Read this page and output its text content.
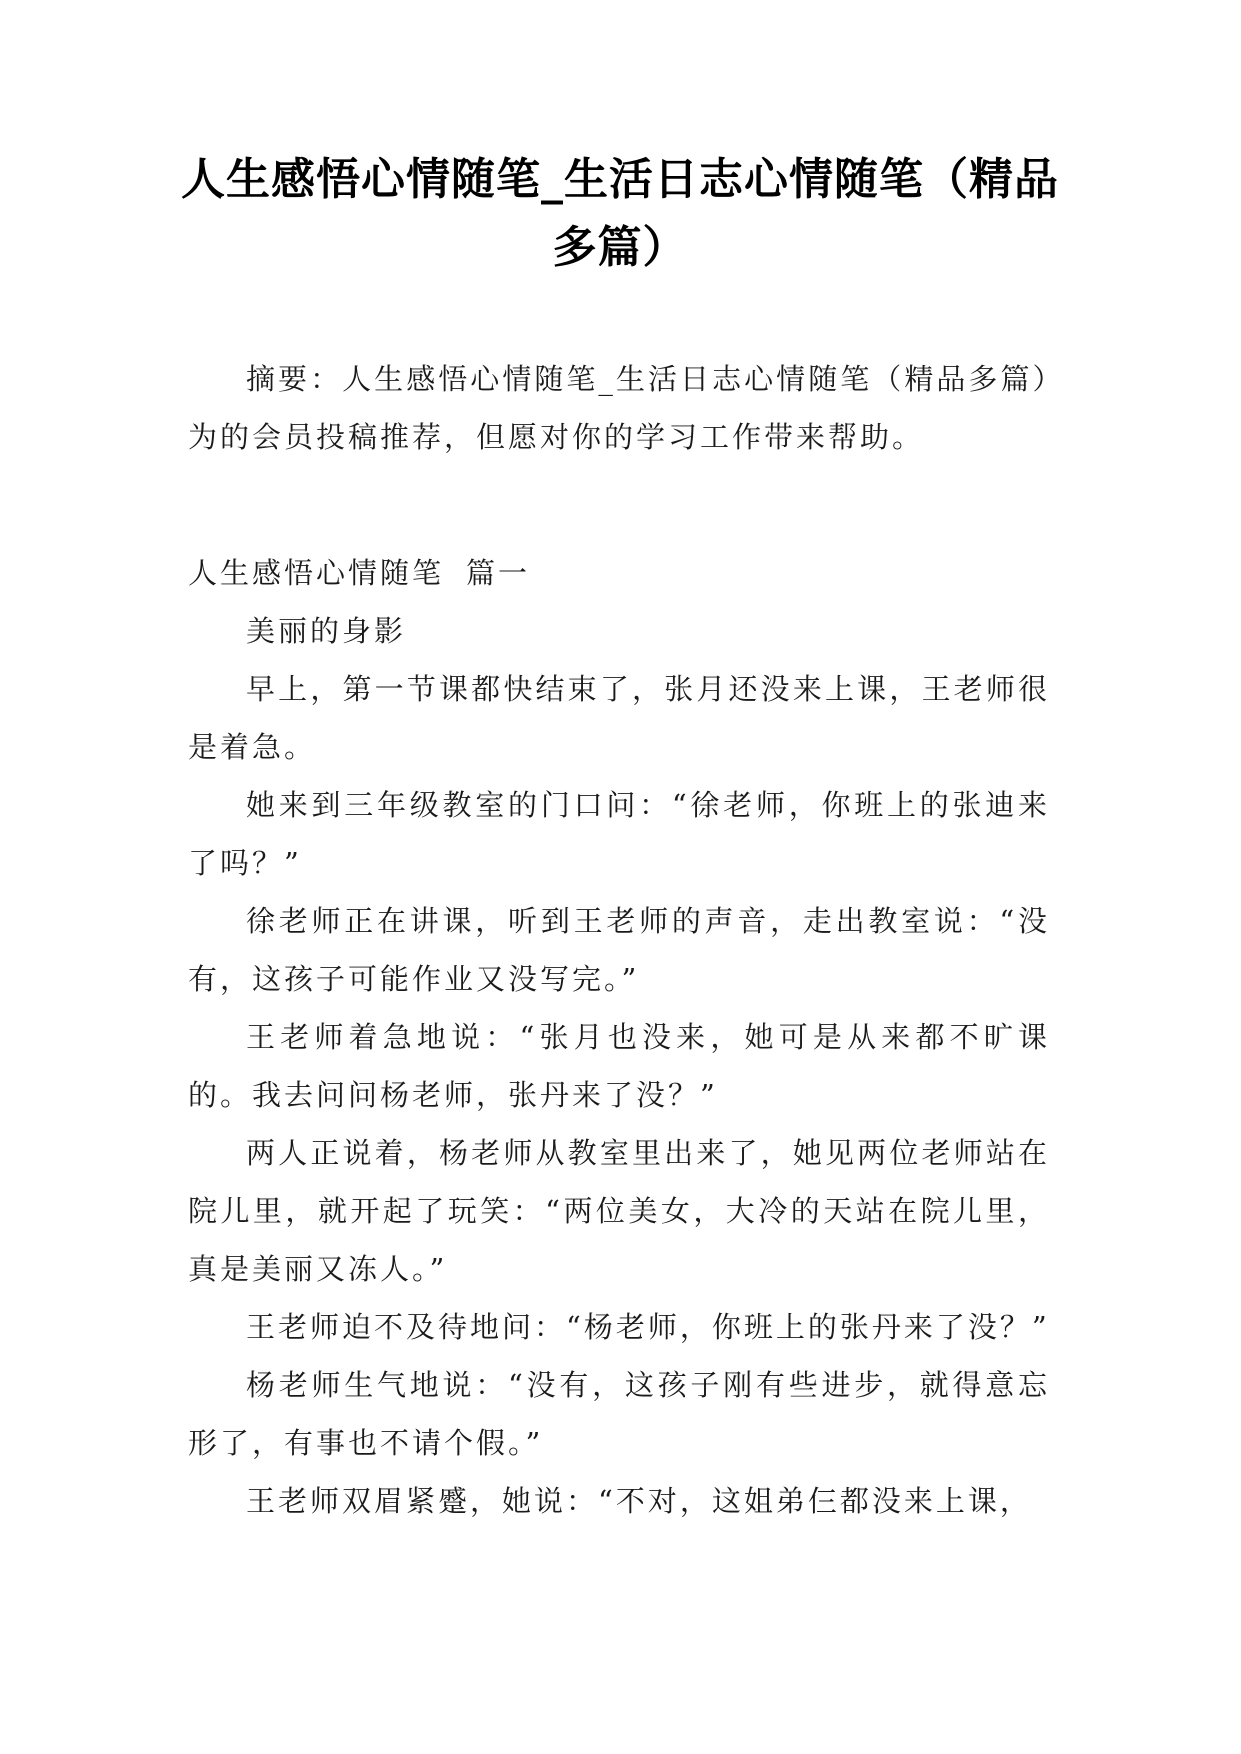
人生感悟心情随笔_生活日志心情随笔（精品多篇）

摘要：人生感悟心情随笔_生活日志心情随笔（精品多篇）为的会员投稿推荐，但愿对你的学习工作带来帮助。

人生感悟心情随笔 篇一

美丽的身影

早上，第一节课都快结束了，张月还没来上课，王老师很是着急。

她来到三年级教室的门口问：“徐老师，你班上的张迪来了吗？”

徐老师正在讲课，听到王老师的声音，走出教室说：“没有，这孩子可能作业又没写完。”

王老师着急地说：“张月也没来，她可是从来都不旷课的。我去问问杨老师，张丹来了没？”

两人正说着，杨老师从教室里出来了，她见两位老师站在院儿里，就开起了玩笑：“两位美女，大冷的天站在院儿里，真是美丽又冻人。”

王老师迫不及待地问：“杨老师，你班上的张丹来了没？”

杨老师生气地说：“没有，这孩子刚有些进步，就得意忘形了，有事也不请个假。”

王老师双眉紧蹙，她说：“不对，这姐弟仨都没来上课，
